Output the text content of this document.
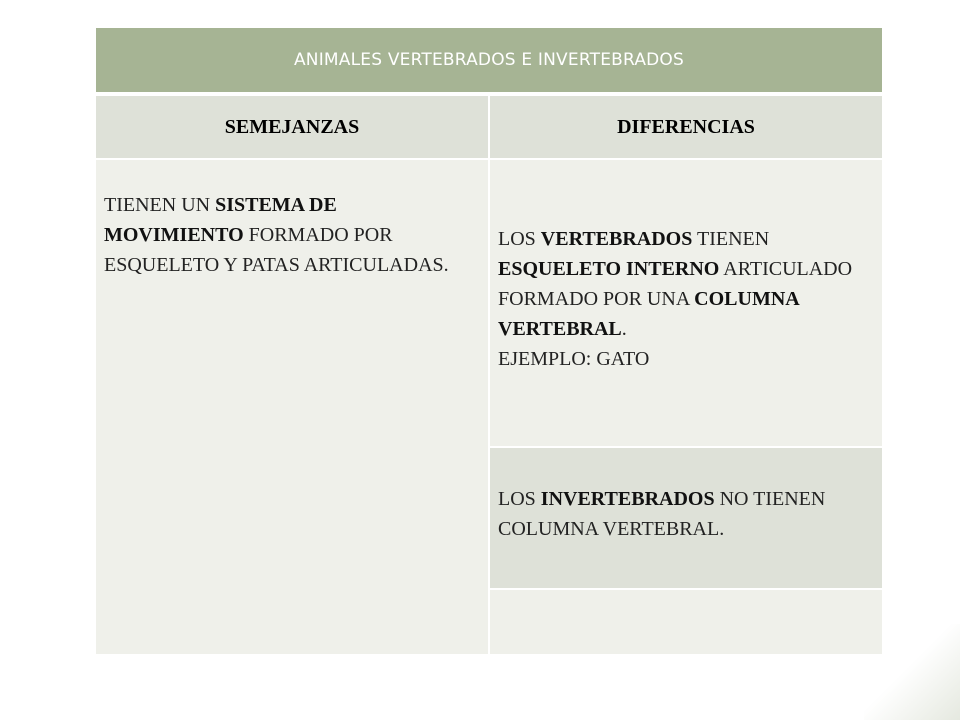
ANIMALES VERTEBRADOS E INVERTEBRADOS
SEMEJANZAS	DIFERENCIAS
TIENEN UN SISTEMA DE MOVIMIENTO FORMADO POR ESQUELETO Y PATAS ARTICULADAS.
LOS VERTEBRADOS TIENEN ESQUELETO INTERNO ARTICULADO FORMADO POR UNA COLUMNA VERTEBRAL.
EJEMPLO: GATO
LOS INVERTEBRADOS NO TIENEN COLUMNA VERTEBRAL.
